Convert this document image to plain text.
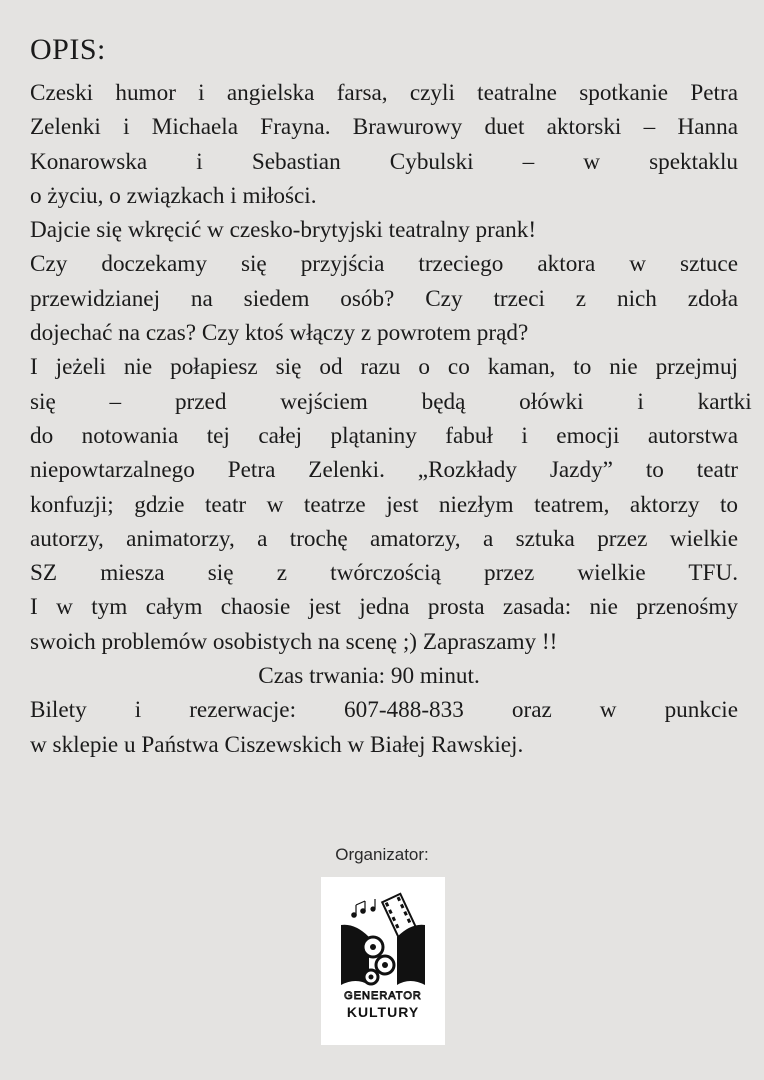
OPIS:
Czeski humor i angielska farsa, czyli teatralne spotkanie Petra
Zelenki i Michaela Frayna. Brawurowy duet aktorski – Hanna
Konarowska i Sebastian Cybulski – w spektaklu
o życiu, o związkach i miłości.
Dajcie się wkręcić w czesko-brytyjski teatralny prank!
Czy doczekamy się przyjścia trzeciego aktora w sztuce
przewidzianej na siedem osób? Czy trzeci z nich zdoła
dojechać na czas? Czy ktoś włączy z powrotem prąd?
I jeżeli nie połapiesz się od razu o co kaman, to nie przejmuj
się – przed wejściem będą ołówki i kartki
do notowania tej całej plątaniny fabuł i emocji autorstwa
niepowtarzalnego Petra Zelenki. „Rozkłady Jazdy” to teatr
konfuzji; gdzie teatr w teatrze jest niezłym teatrem, aktorzy to
autorzy, animatorzy, a trochę amatorzy, a sztuka przez wielkie
SZ miesza się z twórczością przez wielkie TFU.
I w tym całym chaosie jest jedna prosta zasada: nie przenośmy
swoich problemów osobistych na scenę ;) Zapraszamy !!
Czas trwania: 90 minut.
Bilety i rezerwacje: 607-488-833 oraz w punkcie
w sklepie u Państwa Ciszewskich w Białej Rawskiej.
Organizator:
GENERATOR
KULTURY
